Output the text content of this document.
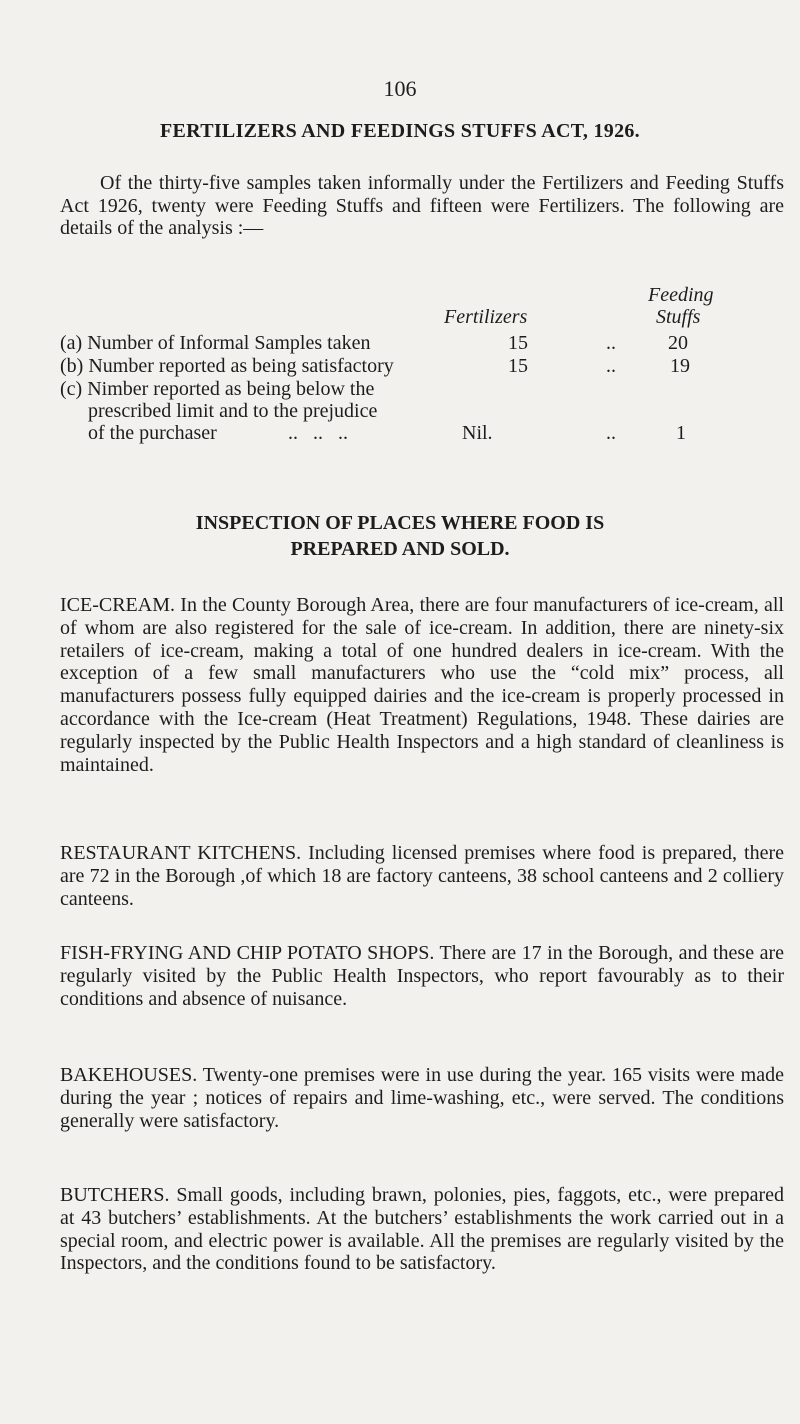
106
FERTILIZERS AND FEEDINGS STUFFS ACT, 1926.

Of the thirty-five samples taken informally under the Fertilizers and Feeding Stuffs Act 1926, twenty were Feeding Stuffs and fifteen were Fertilizers. The following are details of the analysis :—

Feeding
Fertilizers	Stuffs
(a) Number of Informal Samples taken	15	..	20
(b) Number reported as being satisfactory	15	..	19
(c) Nimber reported as being below the
prescribed limit and to the prejudice
of the purchaser	..   ..   ..	Nil.	..	1
INSPECTION OF PLACES WHERE FOOD IS
PREPARED AND SOLD.

ICE-CREAM. In the County Borough Area, there are four manufacturers of ice-cream, all of whom are also registered for the sale of ice-cream. In addition, there are ninety-six retailers of ice-cream, making a total of one hundred dealers in ice-cream. With the exception of a few small manufacturers who use the “cold mix” process, all manufacturers possess fully equipped dairies and the ice-cream is properly processed in accordance with the Ice-cream (Heat Treatment) Regulations, 1948. These dairies are regularly inspected by the Public Health Inspectors and a high standard of cleanliness is maintained.

RESTAURANT KITCHENS. Including licensed premises where food is prepared, there are 72 in the Borough ,of which 18 are factory canteens, 38 school canteens and 2 colliery canteens.

FISH-FRYING AND CHIP POTATO SHOPS. There are 17 in the Borough, and these are regularly visited by the Public Health Inspectors, who report favourably as to their conditions and absence of nuisance.

BAKEHOUSES. Twenty-one premises were in use during the year. 165 visits were made during the year ; notices of repairs and lime-washing, etc., were served. The conditions generally were satisfactory.

BUTCHERS. Small goods, including brawn, polonies, pies, faggots, etc., were prepared at 43 butchers’ establishments. At the butchers’ establishments the work carried out in a special room, and electric power is available. All the premises are regularly visited by the Inspectors, and the conditions found to be satisfactory.
